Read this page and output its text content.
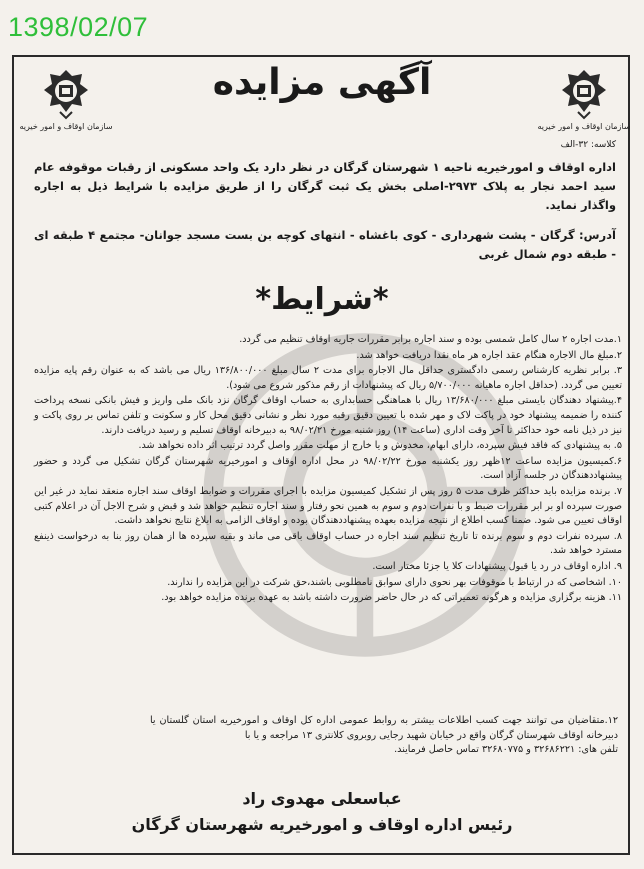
1398/02/07
سازمان اوقاف و امور خیریه
سازمان اوقاف و امور خیریه
آگهی مزایده
کلاسه: ۳۲-الف
اداره اوقاف و امورخیریه ناحیه ۱ شهرستان گرگان در نظر دارد یک واحد مسکونی از رقبات موقوفه عام سید احمد نجار به پلاک ۲۹۷۳-اصلی بخش یک ثبت گرگان را از طریق مزایده با شرایط ذیل به اجاره واگذار نماید.
آدرس: گرگان - پشت شهرداری - کوی باغشاه - انتهای کوچه بن بست مسجد جوانان- مجتمع ۴ طبقه ای - طبقه دوم شمال غربی
*شرایط*
۱.مدت اجاره ۲ سال کامل شمسی بوده و سند اجاره برابر مقررات جاریه اوقاف تنظیم می گردد.
۲.مبلغ مال الاجاره هنگام عقد اجاره هر ماه نقدا دریافت خواهد شد.
۳. برابر نظریه کارشناس رسمی دادگستری حداقل مال الاجاره برای مدت ۲ سال مبلغ ۱۳۶/۸۰۰/۰۰۰ ریال می باشد که به عنوان رقم پایه مزایده تعیین می گردد. (حداقل اجاره ماهیانه ۵/۷۰۰/۰۰۰ ریال که پیشنهادات از رقم مذکور شروع می شود).
۴.پیشنهاد دهندگان بایستی مبلغ ۱۳/۶۸۰/۰۰۰ ریال با هماهنگی حسابداری به حساب اوقاف گرگان نزد بانک ملی واریز و فیش بانکی نسخه پرداخت کننده را ضمیمه پیشنهاد خود در پاکت لاک و مهر شده با تعیین دقیق رقبه مورد نظر و نشانی دقیق محل کار و سکونت و تلفن تماس بر روی پاکت و نیز در ذیل نامه خود حداکثر تا آخر وقت اداری (ساعت ۱۴) روز شنبه مورخ ۹۸/۰۲/۲۱ به دبیرخانه اوقاف تسلیم و رسید دریافت دارند.
۵. به پیشنهادی که فاقد فیش سپرده، دارای ابهام، مخدوش و یا خارج از مهلت مقرر واصل گردد ترتیب اثر داده نخواهد شد.
۶.کمیسیون مزایده ساعت ۱۲ظهر روز یکشنبه مورخ ۹۸/۰۲/۲۲ در محل اداره اوقاف و امورخیریه شهرستان گرگان تشکیل می گردد و حضور پیشنهاددهندگان در جلسه آزاد است.
۷. برنده مزایده باید حداکثر ظرف مدت ۵ روز پس از تشکیل کمیسیون مزایده با اجرای مقررات و ضوابط اوقاف سند اجاره منعقد نماید در غیر این صورت سپرده او بر ابر مقررات ضبط و با نفرات دوم و سوم به همین نحو رفتار و سند اجاره تنظیم خواهد شد و قبض و شرح الاجل آن در اعلام کتبی اوقاف تعیین می شود. ضمنا کسب اطلاع از نتیجه مزایده بعهده پیشنهاددهندگان بوده و اوقاف الزامی به ابلاغ نتایج نخواهد داشت.
۸. سپرده نفرات دوم و سوم برنده تا تاریخ تنظیم سند اجاره در حساب اوقاف باقی می ماند و بقیه سپرده ها از همان روز بنا به درخواست ذینفع مسترد خواهد شد.
۹. اداره اوقاف در رد یا قبول پیشنهادات کلا یا جزئا مختار است.
۱۰. اشخاصی که در ارتباط با موقوفات بهر نحوی دارای سوابق نامطلوبی باشند،حق شرکت در این مزایده را ندارند.
۱۱. هزینه برگزاری مزایده و هرگونه تعمیراتی که در حال حاضر ضرورت داشته باشد به عهده برنده مزایده خواهد بود.
۱۲.متقاضیان می توانند جهت کسب اطلاعات بیشتر به روابط عمومی اداره کل اوقاف و امورخیریه استان گلستان یا دبیرخانه اوقاف شهرستان گرگان واقع در خیابان شهید رجایی روبروی کلانتری ۱۳ مراجعه و یا با
تلفن های: ۳۲۶۸۶۲۲۱ و ۳۲۶۸۰۷۷۵ تماس حاصل فرمایند.
عباسعلی مهدوی راد
رئیس اداره اوقاف و امورخیریه شهرستان گرگان
